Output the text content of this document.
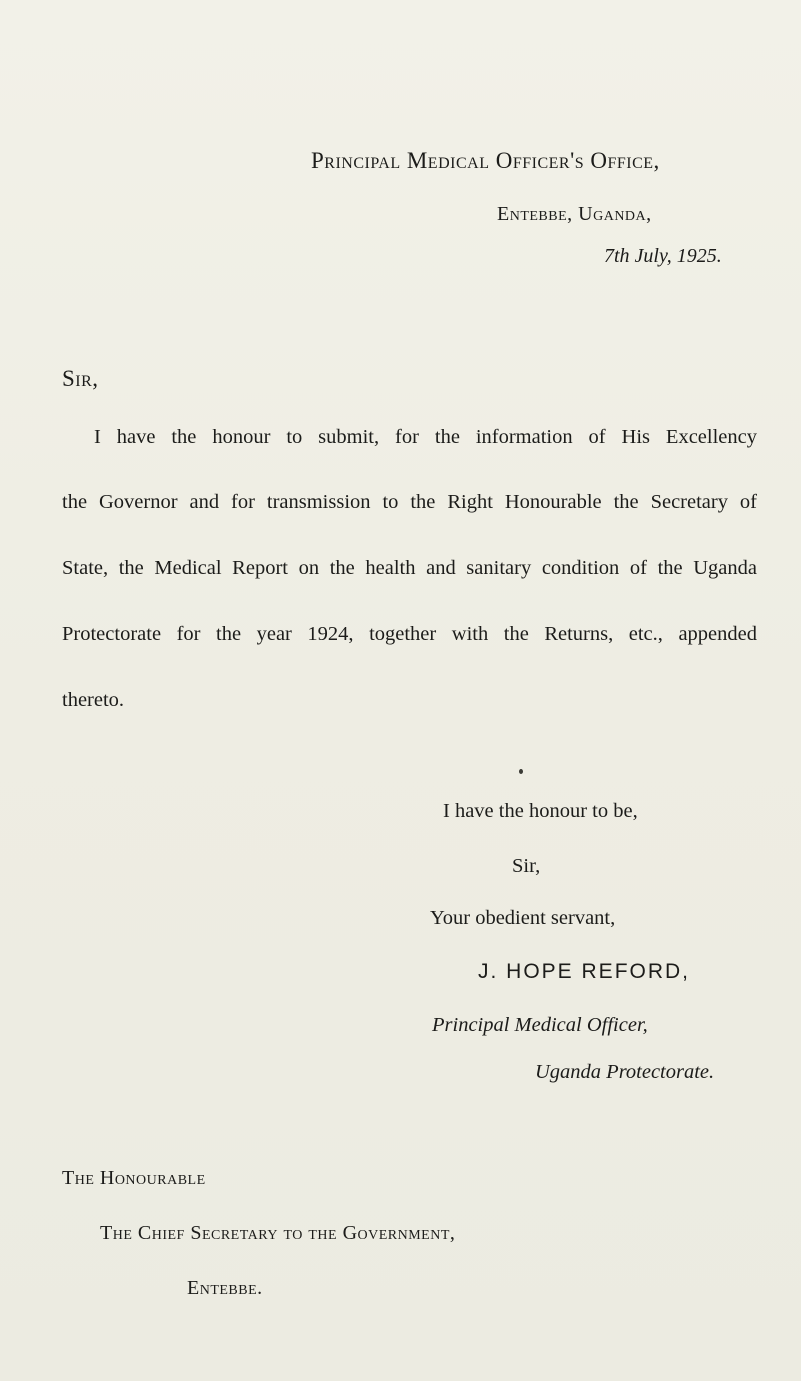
Principal Medical Officer's Office,
Entebbe, Uganda,
7th July, 1925.
Sir,
I have the honour to submit, for the information of His Excellency
the Governor and for transmission to the Right Honourable the Secretary of
State, the Medical Report on the health and sanitary condition of the Uganda
Protectorate for the year 1924, together with the Returns, etc., appended
thereto.
I have the honour to be,
Sir,
Your obedient servant,
J. HOPE REFORD,
Principal Medical Officer,
Uganda Protectorate.
The Honourable
The Chief Secretary to the Government,
Entebbe.
